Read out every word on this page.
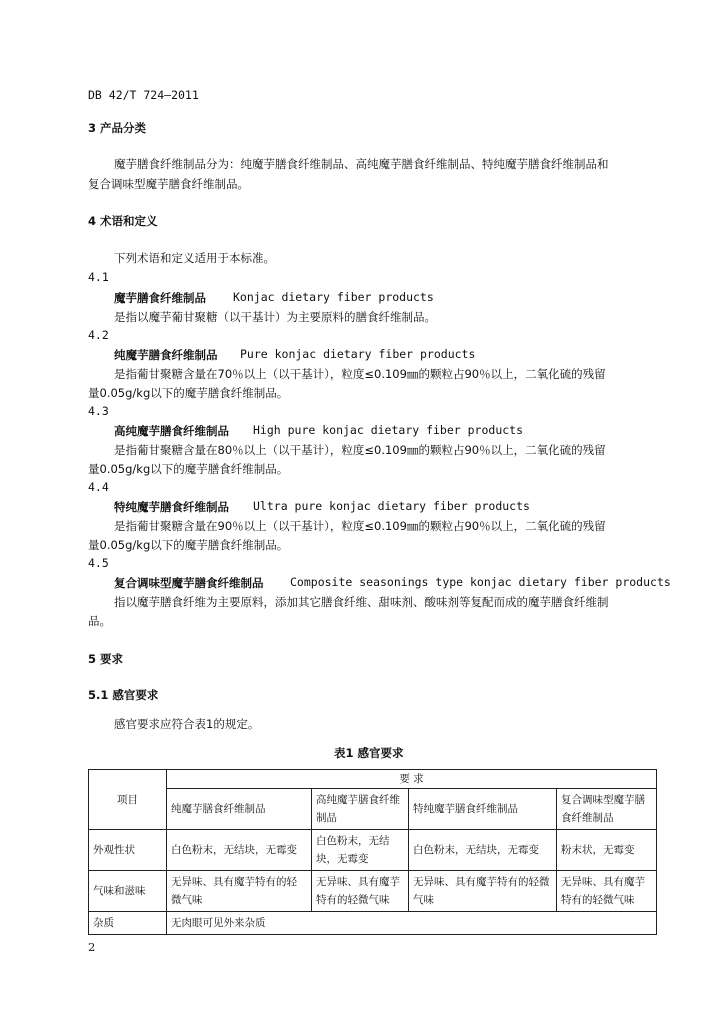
DB 42/T 724—2011
3 产品分类
魔芋膳食纤维制品分为：纯魔芋膳食纤维制品、高纯魔芋膳食纤维制品、特纯魔芋膳食纤维制品和
复合调味型魔芋膳食纤维制品。
4 术语和定义
下列术语和定义适用于本标准。
4.1
魔芋膳食纤维制品 Konjac dietary fiber products
是指以魔芋葡甘聚糖（以干基计）为主要原料的膳食纤维制品。
4.2
纯魔芋膳食纤维制品 Pure konjac dietary fiber products
是指葡甘聚糖含量在70％以上（以干基计），粒度≤0.109㎜的颗粒占90％以上，二氧化硫的残留
量0.05g/kg以下的魔芋膳食纤维制品。
4.3
高纯魔芋膳食纤维制品 High pure konjac dietary fiber products
是指葡甘聚糖含量在80％以上（以干基计），粒度≤0.109㎜的颗粒占90％以上，二氧化硫的残留
量0.05g/kg以下的魔芋膳食纤维制品。
4.4
特纯魔芋膳食纤维制品 Ultra pure konjac dietary fiber products
是指葡甘聚糖含量在90％以上（以干基计），粒度≤0.109㎜的颗粒占90％以上，二氧化硫的残留
量0.05g/kg以下的魔芋膳食纤维制品。
4.5
复合调味型魔芋膳食纤维制品 Composite seasonings type konjac dietary fiber products
指以魔芋膳食纤维为主要原料，添加其它膳食纤维、甜味剂、酸味剂等复配而成的魔芋膳食纤维制
品。
5 要求
5.1 感官要求
感官要求应符合表1的规定。
表1 感官要求
项目	要 求			
	纯魔芋膳食纤维制品	高纯魔芋膳食纤维制品	特纯魔芋膳食纤维制品	复合调味型魔芋膳食纤维制品
外观性状	白色粉末，无结块，无霉变	白色粉末，无结块，无霉变	白色粉末，无结块，无霉变	粉末状，无霉变
气味和滋味	无异味、具有魔芋特有的轻微气味	无异味、具有魔芋特有的轻微气味	无异味、具有魔芋特有的轻微气味	无异味、具有魔芋特有的轻微气味
杂质	无肉眼可见外来杂质			
2
